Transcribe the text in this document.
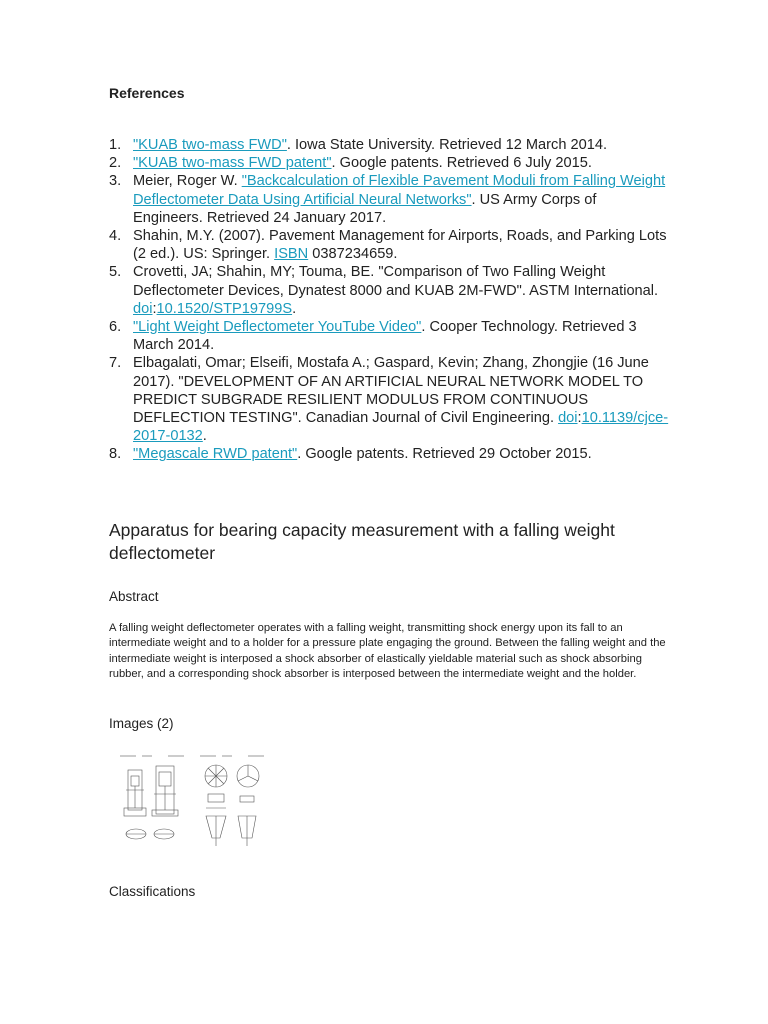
References
1. "KUAB two-mass FWD". Iowa State University. Retrieved 12 March 2014.
2. "KUAB two-mass FWD patent". Google patents. Retrieved 6 July 2015.
3. Meier, Roger W. "Backcalculation of Flexible Pavement Moduli from Falling Weight Deflectometer Data Using Artificial Neural Networks". US Army Corps of Engineers. Retrieved 24 January 2017.
4. Shahin, M.Y. (2007). Pavement Management for Airports, Roads, and Parking Lots (2 ed.). US: Springer. ISBN 0387234659.
5. Crovetti, JA; Shahin, MY; Touma, BE. "Comparison of Two Falling Weight Deflectometer Devices, Dynatest 8000 and KUAB 2M-FWD". ASTM International. doi:10.1520/STP19799S.
6. "Light Weight Deflectometer YouTube Video". Cooper Technology. Retrieved 3 March 2014.
7. Elbagalati, Omar; Elseifi, Mostafa A.; Gaspard, Kevin; Zhang, Zhongjie (16 June 2017). "DEVELOPMENT OF AN ARTIFICIAL NEURAL NETWORK MODEL TO PREDICT SUBGRADE RESILIENT MODULUS FROM CONTINUOUS DEFLECTION TESTING". Canadian Journal of Civil Engineering. doi:10.1139/cjce-2017-0132.
8. "Megascale RWD patent". Google patents. Retrieved 29 October 2015.
Apparatus for bearing capacity measurement with a falling weight deflectometer
Abstract

A falling weight deflectometer operates with a falling weight, transmitting shock energy upon its fall to an intermediate weight and to a holder for a pressure plate engaging the ground. Between the falling weight and the intermediate weight is interposed a shock absorber of elastically yieldable material such as shock absorbing rubber, and a corresponding shock absorber is interposed between the intermediate weight and the holder.

Images (2)
Classifications
